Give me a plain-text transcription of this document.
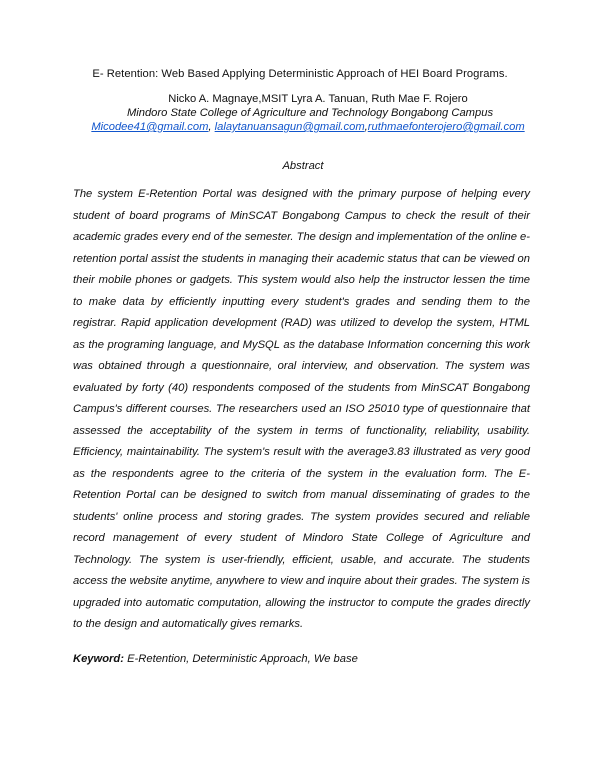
E- Retention: Web Based Applying Deterministic Approach of HEI Board Programs.
Nicko A. Magnaye,MSIT Lyra A. Tanuan, Ruth Mae F. Rojero
Mindoro State College of Agriculture and Technology Bongabong Campus
Micodee41@gmail.com, lalaytanuansagun@gmail.com,ruthmaefonterojero@gmail.com
Abstract

The system E-Retention Portal was designed with the primary purpose of helping every student of board programs of MinSCAT Bongabong Campus to check the result of their academic grades every end of the semester. The design and implementation of the online e-retention portal assist the students in managing their academic status that can be viewed on their mobile phones or gadgets. This system would also help the instructor lessen the time to make data by efficiently inputting every student's grades and sending them to the registrar. Rapid application development (RAD) was utilized to develop the system, HTML as the programing language, and MySQL as the database Information concerning this work was obtained through a questionnaire, oral interview, and observation. The system was evaluated by forty (40) respondents composed of the students from MinSCAT Bongabong Campus's different courses. The researchers used an ISO 25010 type of questionnaire that assessed the acceptability of the system in terms of functionality, reliability, usability. Efficiency, maintainability. The system's result with the average3.83 illustrated as very good as the respondents agree to the criteria of the system in the evaluation form. The E-Retention Portal can be designed to switch from manual disseminating of grades to the students' online process and storing grades. The system provides secured and reliable record management of every student of Mindoro State College of Agriculture and Technology. The system is user-friendly, efficient, usable, and accurate. The students access the website anytime, anywhere to view and inquire about their grades. The system is upgraded into automatic computation, allowing the instructor to compute the grades directly to the design and automatically gives remarks.

Keyword: E-Retention, Deterministic Approach, We base
